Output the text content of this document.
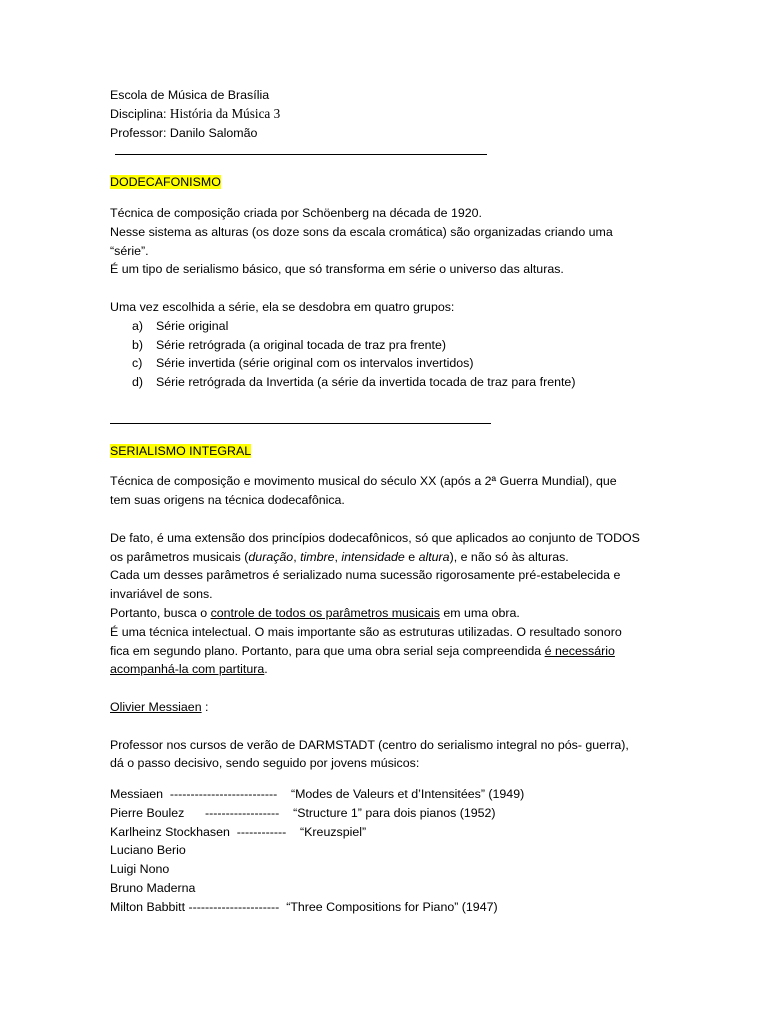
Escola de Música de Brasília
Disciplina: História da Música 3
Professor: Danilo Salomão
DODECAFONISMO
Técnica de composição criada por Schöenberg na década de 1920.
Nesse sistema as alturas (os doze sons da escala cromática) são organizadas criando uma
“série”.
É um tipo de serialismo básico, que só transforma em série o universo das alturas.
Uma vez escolhida a série, ela se desdobra em quatro grupos:
a)	Série original
b)	Série retrógrada (a original tocada de traz pra frente)
c)	Série invertida (série original com os intervalos invertidos)
d)	Série retrógrada da Invertida (a série da invertida tocada de traz para frente)
SERIALISMO INTEGRAL
Técnica de composição e movimento musical do século XX (após a 2ª Guerra Mundial), que
tem suas origens na técnica dodecafônica.
De fato, é uma extensão dos princípios dodecafônicos, só que aplicados ao conjunto de TODOS
os parâmetros musicais (duração, timbre, intensidade e altura), e não só às alturas.
Cada um desses parâmetros é serializado numa sucessão rigorosamente pré-estabelecida e
invariável de sons.
Portanto, busca o controle de todos os parâmetros musicais em uma obra.
É uma técnica intelectual. O mais importante são as estruturas utilizadas. O resultado sonoro
fica em segundo plano. Portanto, para que uma obra serial seja compreendida é necessário
acompanhá-la com partitura.
Olivier Messiaen :
Professor nos cursos de verão de DARMSTADT (centro do serialismo integral no pós- guerra),
dá o passo decisivo, sendo seguido por jovens músicos:
Messiaen  -------------------------- “Modes de Valeurs et d’Intensitées” (1949)
Pierre Boulez      ------------------ “Structure 1” para dois pianos (1952)
Karlheinz Stockhasen  ------------ “Kreuzspiel”
Luciano Berio
Luigi Nono
Bruno Maderna
Milton Babbitt ---------------------- “Three Compositions for Piano” (1947)
